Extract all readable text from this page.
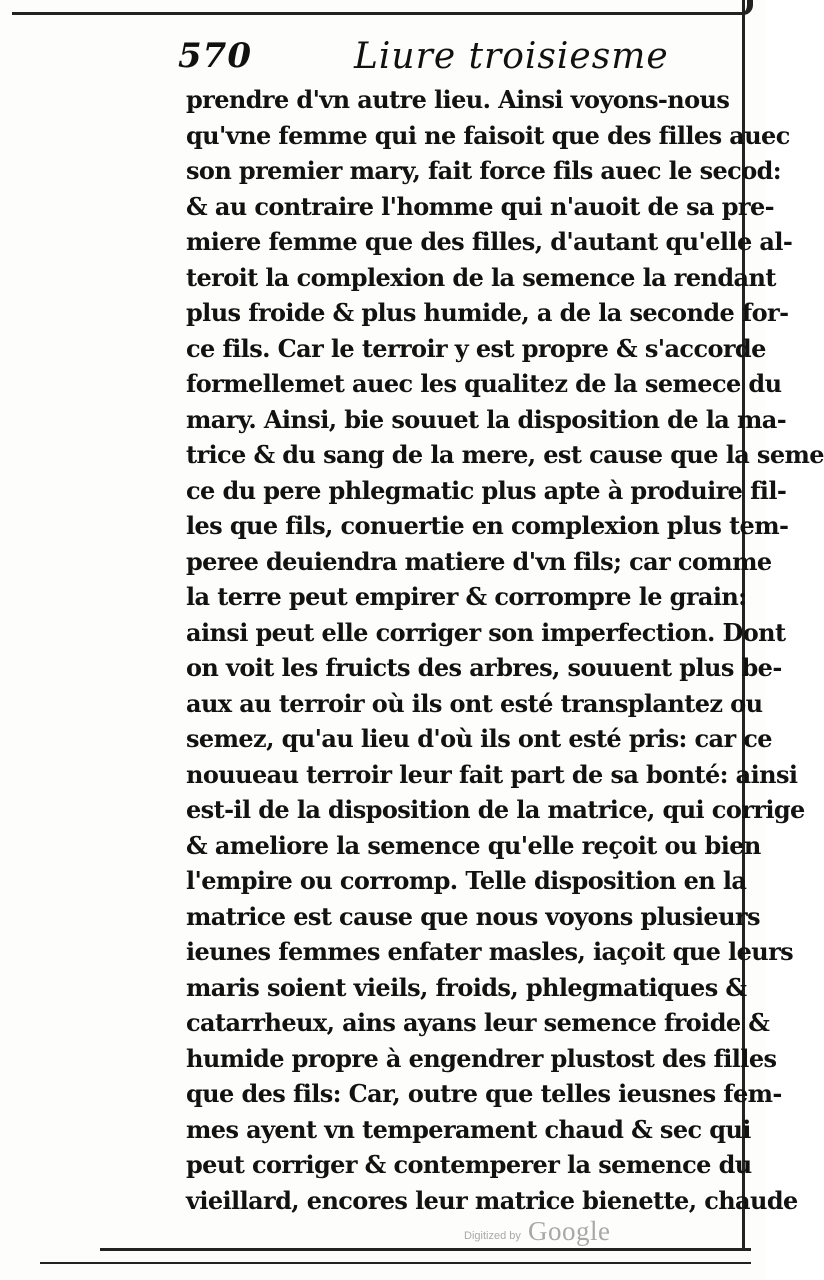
570	Liure troisiesme
prendre d'vn autre lieu. Ainsi voyons-nous
qu'vne femme qui ne faisoit que des filles auec
son premier mary, fait force fils auec le secod:
& au contraire l'homme qui n'auoit de sa pre-
miere femme que des filles, d'autant qu'elle al-
teroit la complexion de la semence la rendant
plus froide & plus humide, a de la seconde for-
ce fils. Car le terroir y est propre & s'accorde
formellemet auec les qualitez de la semece du
mary. Ainsi, bie souuet la disposition de la ma-
trice & du sang de la mere, est cause que la seme
ce du pere phlegmatic plus apte à produire fil-
les que fils, conuertie en complexion plus tem-
peree deuiendra matiere d'vn fils; car comme
la terre peut empirer & corrompre le grain:
ainsi peut elle corriger son imperfection. Dont
on voit les fruicts des arbres, souuent plus be-
aux au terroir où ils ont esté transplantez ou
semez, qu'au lieu d'où ils ont esté pris: car ce
nouueau terroir leur fait part de sa bonté: ainsi
est-il de la disposition de la matrice, qui corrige
& ameliore la semence qu'elle reçoit ou bien
l'empire ou corromp. Telle disposition en la
matrice est cause que nous voyons plusieurs
ieunes femmes enfater masles, iaçoit que leurs
maris soient vieils, froids, phlegmatiques &
catarrheux, ains ayans leur semence froide &
humide propre à engendrer plustost des filles
que des fils: Car, outre que telles ieusnes fem-
mes ayent vn temperament chaud & sec qui
peut corriger & contemperer la semence du
vieillard, encores leur matrice bienette, chaude
Digitized by Google
